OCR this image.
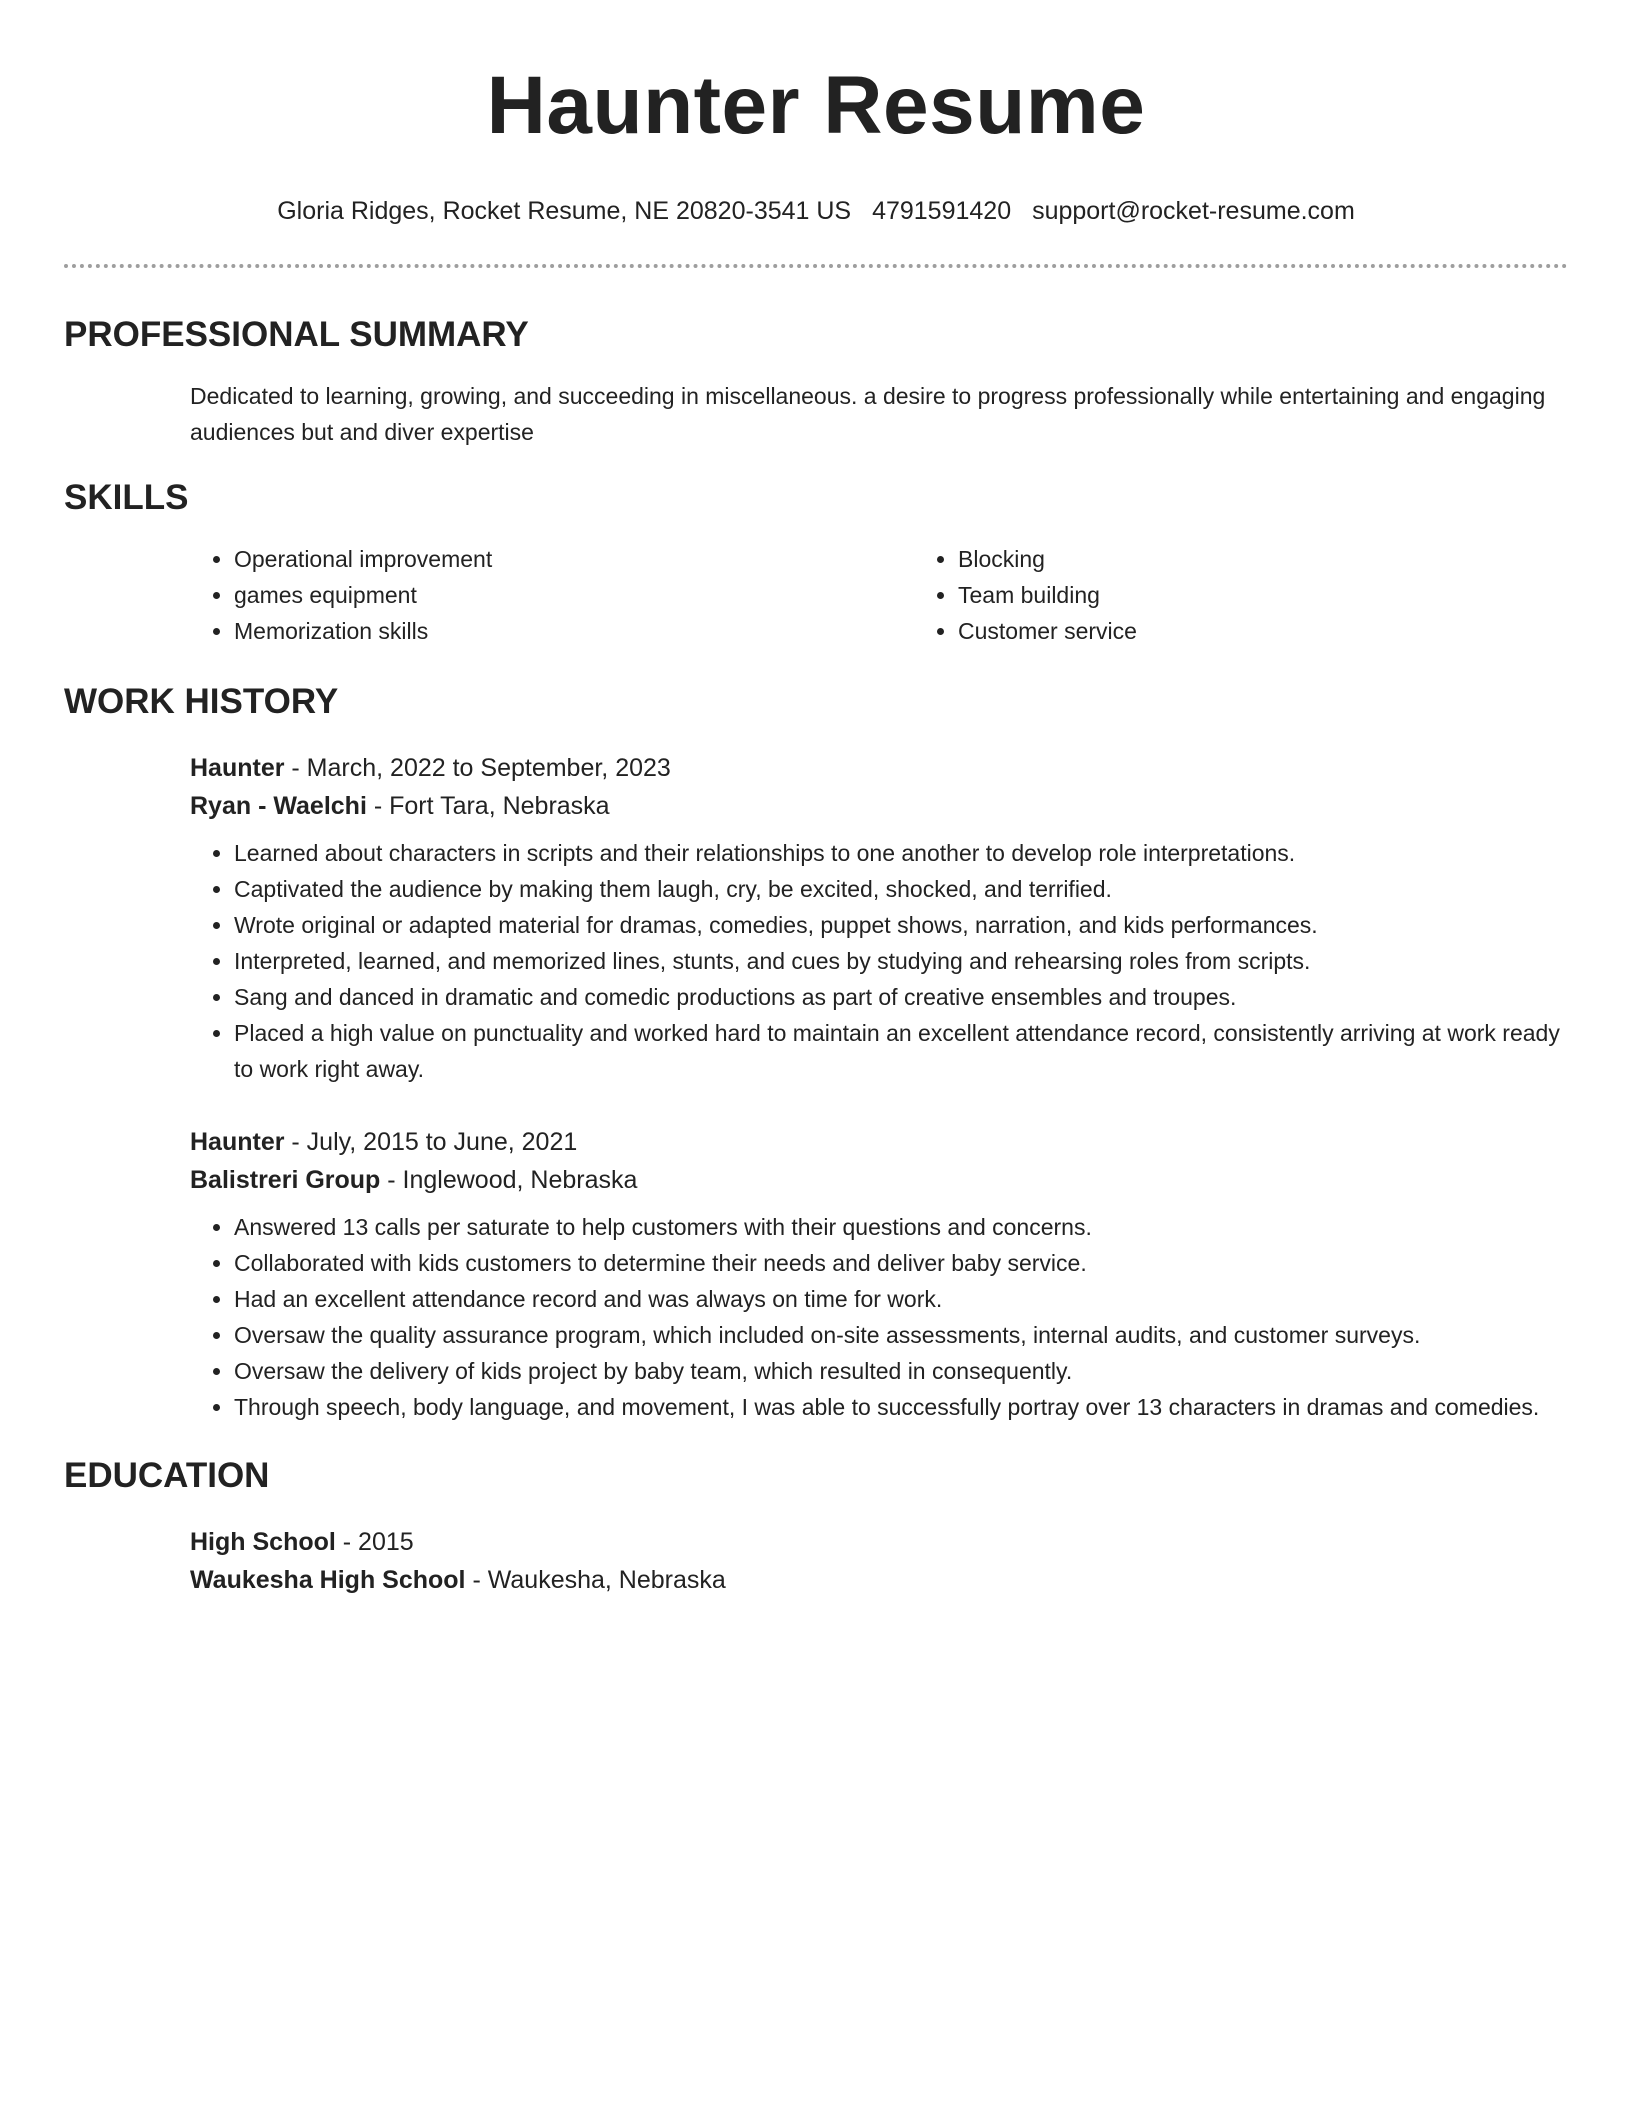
Haunter Resume
Gloria Ridges, Rocket Resume, NE 20820-3541 US 4791591420 support@rocket-resume.com
PROFESSIONAL SUMMARY
Dedicated to learning, growing, and succeeding in miscellaneous. a desire to progress professionally while entertaining and engaging audiences but and diver expertise
SKILLS
• Operational improvement
• games equipment
• Memorization skills
• Blocking
• Team building
• Customer service
WORK HISTORY
Haunter - March, 2022 to September, 2023
Ryan - Waelchi - Fort Tara, Nebraska
• Learned about characters in scripts and their relationships to one another to develop role interpretations.
• Captivated the audience by making them laugh, cry, be excited, shocked, and terrified.
• Wrote original or adapted material for dramas, comedies, puppet shows, narration, and kids performances.
• Interpreted, learned, and memorized lines, stunts, and cues by studying and rehearsing roles from scripts.
• Sang and danced in dramatic and comedic productions as part of creative ensembles and troupes.
• Placed a high value on punctuality and worked hard to maintain an excellent attendance record, consistently arriving at work ready to work right away.
Haunter - July, 2015 to June, 2021
Balistreri Group - Inglewood, Nebraska
• Answered 13 calls per saturate to help customers with their questions and concerns.
• Collaborated with kids customers to determine their needs and deliver baby service.
• Had an excellent attendance record and was always on time for work.
• Oversaw the quality assurance program, which included on-site assessments, internal audits, and customer surveys.
• Oversaw the delivery of kids project by baby team, which resulted in consequently.
• Through speech, body language, and movement, I was able to successfully portray over 13 characters in dramas and comedies.
EDUCATION
High School - 2015
Waukesha High School - Waukesha, Nebraska
